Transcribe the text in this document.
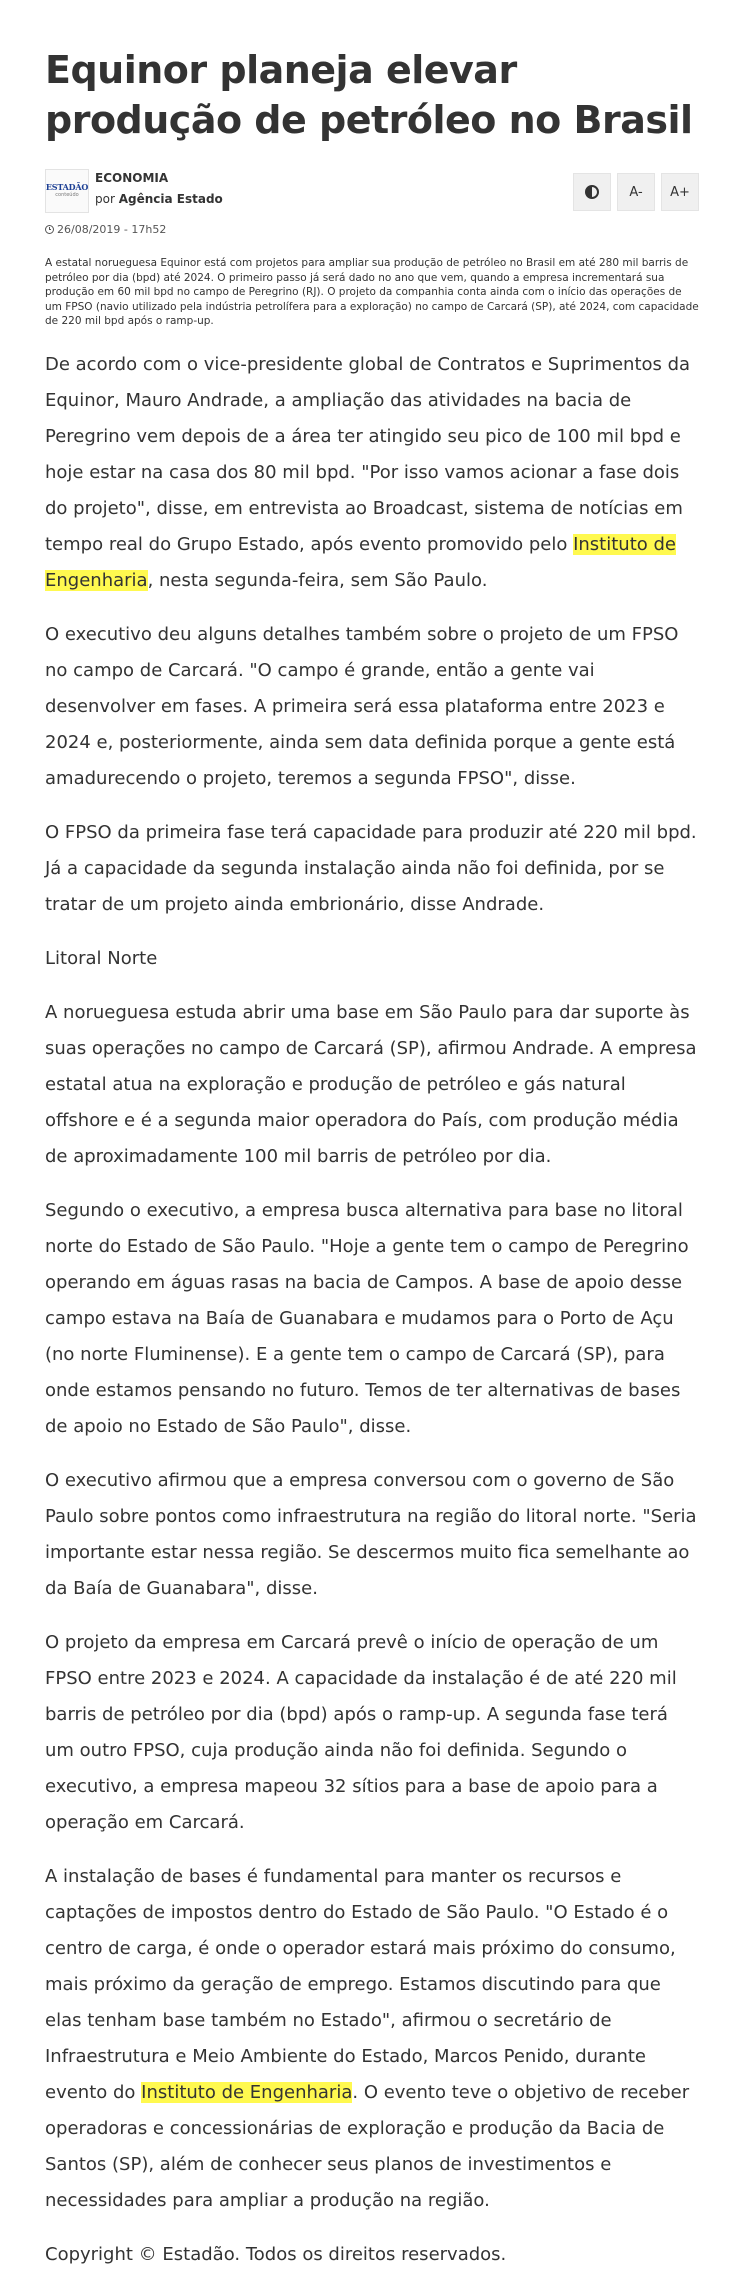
Equinor planeja elevar produção de petróleo no Brasil
ESTADÃO
conteúdo
ECONOMIA
por Agência Estado	A-	A+
26/08/2019 - 17h52
A estatal norueguesa Equinor está com projetos para ampliar sua produção de petróleo no Brasil em até 280 mil barris de petróleo por dia (bpd) até 2024. O primeiro passo já será dado no ano que vem, quando a empresa incrementará sua produção em 60 mil bpd no campo de Peregrino (RJ). O projeto da companhia conta ainda com o início das operações de um FPSO (navio utilizado pela indústria petrolífera para a exploração) no campo de Carcará (SP), até 2024, com capacidade de 220 mil bpd após o ramp-up.

De acordo com o vice-presidente global de Contratos e Suprimentos da Equinor, Mauro Andrade, a ampliação das atividades na bacia de Peregrino vem depois de a área ter atingido seu pico de 100 mil bpd e hoje estar na casa dos 80 mil bpd. "Por isso vamos acionar a fase dois do projeto", disse, em entrevista ao Broadcast, sistema de notícias em tempo real do Grupo Estado, após evento promovido pelo Instituto de Engenharia, nesta segunda-feira, sem São Paulo.

O executivo deu alguns detalhes também sobre o projeto de um FPSO no campo de Carcará. "O campo é grande, então a gente vai desenvolver em fases. A primeira será essa plataforma entre 2023 e 2024 e, posteriormente, ainda sem data definida porque a gente está amadurecendo o projeto, teremos a segunda FPSO", disse.

O FPSO da primeira fase terá capacidade para produzir até 220 mil bpd. Já a capacidade da segunda instalação ainda não foi definida, por se tratar de um projeto ainda embrionário, disse Andrade.

Litoral Norte

A norueguesa estuda abrir uma base em São Paulo para dar suporte às suas operações no campo de Carcará (SP), afirmou Andrade. A empresa estatal atua na exploração e produção de petróleo e gás natural offshore e é a segunda maior operadora do País, com produção média de aproximadamente 100 mil barris de petróleo por dia.

Segundo o executivo, a empresa busca alternativa para base no litoral norte do Estado de São Paulo. "Hoje a gente tem o campo de Peregrino operando em águas rasas na bacia de Campos. A base de apoio desse campo estava na Baía de Guanabara e mudamos para o Porto de Açu (no norte Fluminense). E a gente tem o campo de Carcará (SP), para onde estamos pensando no futuro. Temos de ter alternativas de bases de apoio no Estado de São Paulo", disse.

O executivo afirmou que a empresa conversou com o governo de São Paulo sobre pontos como infraestrutura na região do litoral norte. "Seria importante estar nessa região. Se descermos muito fica semelhante ao da Baía de Guanabara", disse.

O projeto da empresa em Carcará prevê o início de operação de um FPSO entre 2023 e 2024. A capacidade da instalação é de até 220 mil barris de petróleo por dia (bpd) após o ramp-up. A segunda fase terá um outro FPSO, cuja produção ainda não foi definida. Segundo o executivo, a empresa mapeou 32 sítios para a base de apoio para a operação em Carcará.

A instalação de bases é fundamental para manter os recursos e captações de impostos dentro do Estado de São Paulo. "O Estado é o centro de carga, é onde o operador estará mais próximo do consumo, mais próximo da geração de emprego. Estamos discutindo para que elas tenham base também no Estado", afirmou o secretário de Infraestrutura e Meio Ambiente do Estado, Marcos Penido, durante evento do Instituto de Engenharia. O evento teve o objetivo de receber operadoras e concessionárias de exploração e produção da Bacia de Santos (SP), além de conhecer seus planos de investimentos e necessidades para ampliar a produção na região.

Copyright © Estadão. Todos os direitos reservados.
